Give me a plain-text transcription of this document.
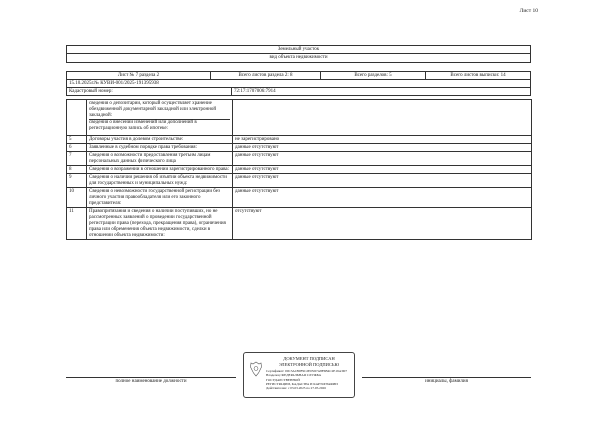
Лист 10
Земельный участок
вид объекта недвижимости
Лист № 7 раздела 2	Всего листов раздела 2: 8	Всего разделов: 5	Всего листов выписки: 14
15.10.2025г.№ КУВИ-001/2025-191395938
Кадастровый номер:	72:17:1707006:7914

	сведения о депозитарии, который осуществляет хранение обездвиженной документарной закладной или электронной закладной:
сведения о внесении изменений или дополнений в регистрационную запись об ипотеке:	

5	Договоры участия в долевом строительстве:	не зарегистрировано
6	Заявленные в судебном порядке права требования:	данные отсутствуют
7	Сведения о возможности предоставления третьим лицам персональных данных физического лица	данные отсутствуют
8	Сведения о возражении в отношении зарегистрированного права:	данные отсутствуют
9	Сведения о наличии решения об изъятии объекта недвижимости для государственных и муниципальных нужд:	данные отсутствуют
10	Сведения о невозможности государственной регистрации без личного участия правообладателя или его законного представителя:	данные отсутствуют
11	Правопритязания и сведения о наличии поступивших, но не рассмотренных заявлений о проведении государственной регистрации права (перехода, прекращения права), ограничения права или обременения объекта недвижимости, сделки в отношении объекта недвижимости:	отсутствуют
полное наименование должности	инициалы, фамилия
ДОКУМЕНТ ПОДПИСАН
ЭЛЕКТРОННОЙ ПОДПИСЬЮ
Сертификат: 00C3A1B0F9C2E05D7A8F6B4C2E19A3D7
Владелец: ФЕДЕРАЛЬНАЯ СЛУЖБА ГОСУДАРСТВЕННОЙ
РЕГИСТРАЦИИ, КАДАСТРА И КАРТОГРАФИИ
Действителен: с 03.03.2025 по 27.05.2026
